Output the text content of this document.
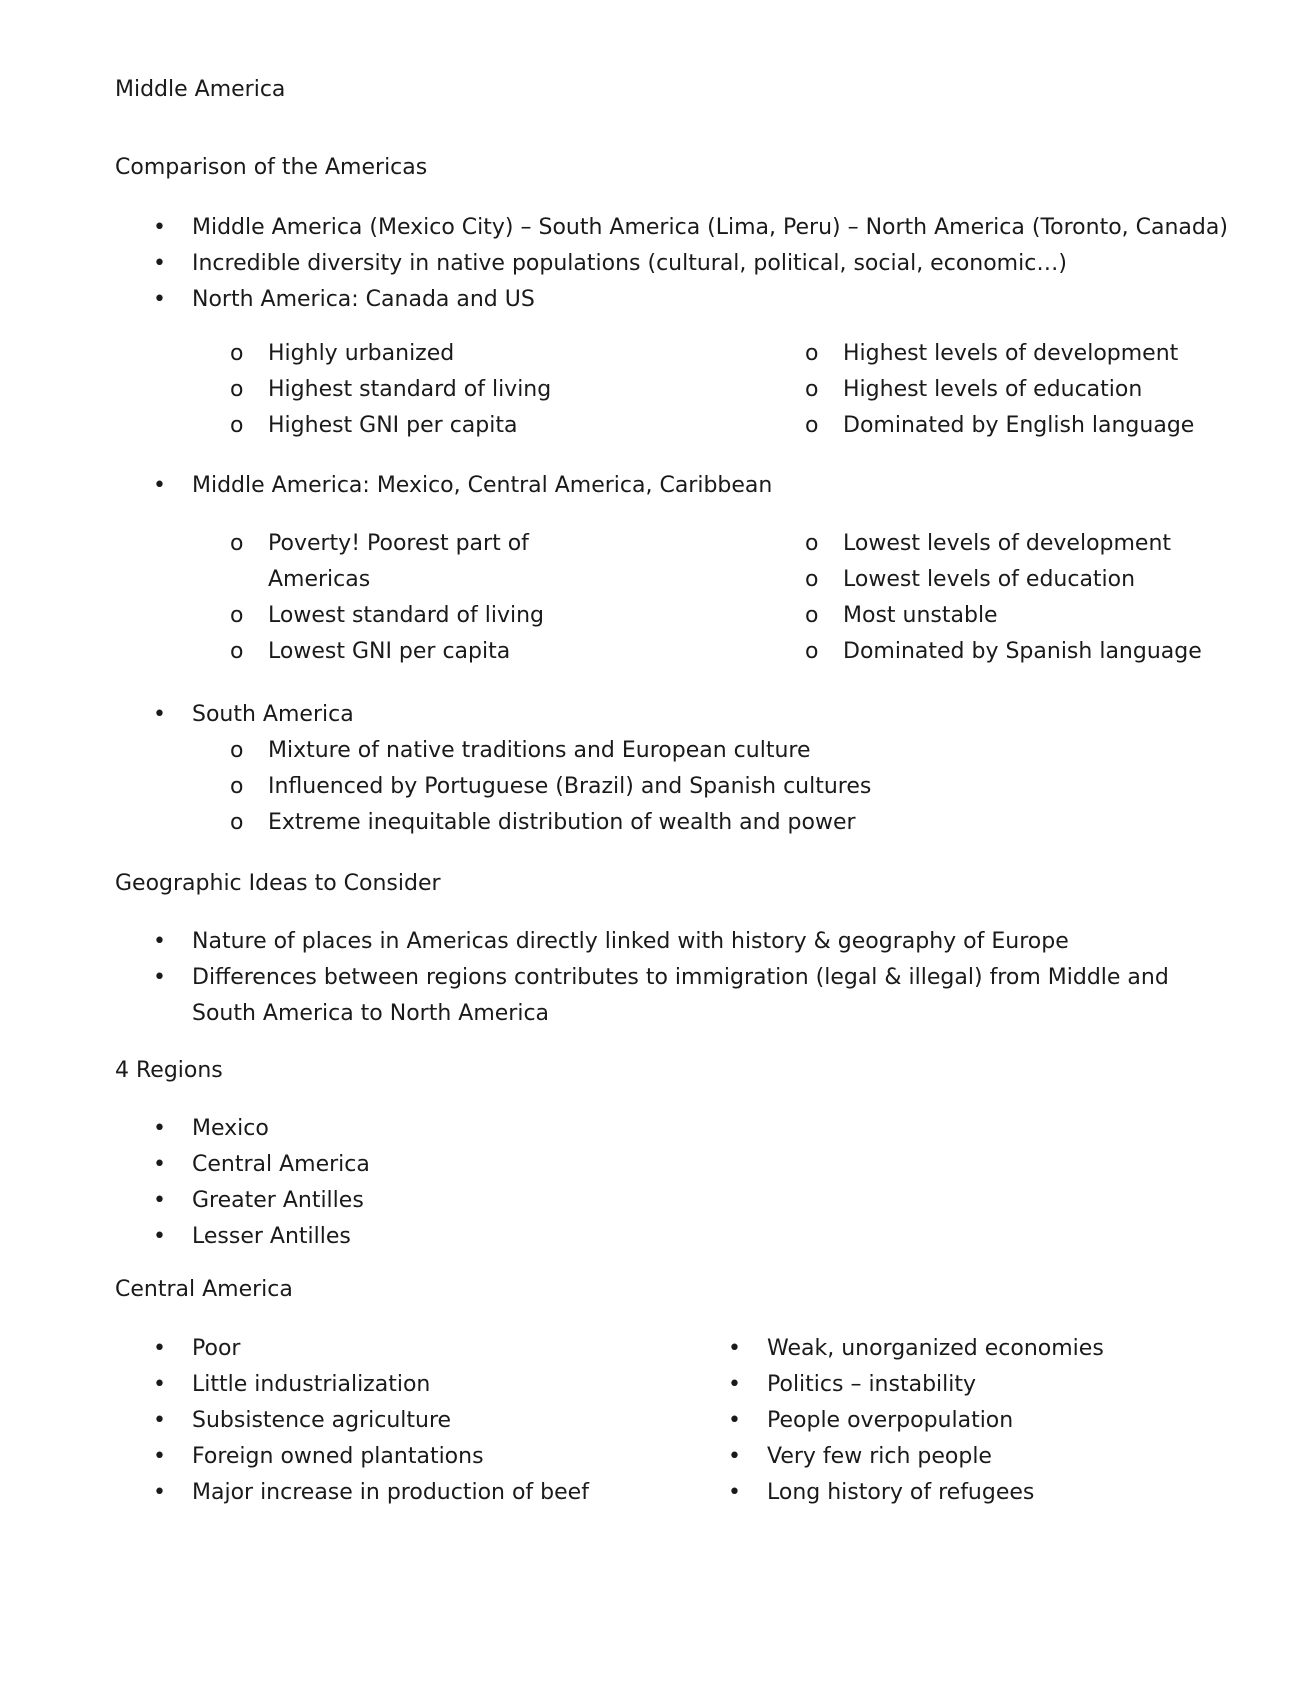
Middle America
Comparison of the Americas
• Middle America (Mexico City) – South America (Lima, Peru) – North America (Toronto, Canada)
• Incredible diversity in native populations (cultural, political, social, economic…)
• North America: Canada and US
o Highly urbanized
o Highest standard of living
o Highest GNI per capita
o Highest levels of development
o Highest levels of education
o Dominated by English language
• Middle America: Mexico, Central America, Caribbean
o Poverty! Poorest part of Americas
o Lowest standard of living
o Lowest GNI per capita
o Lowest levels of development
o Lowest levels of education
o Most unstable
o Dominated by Spanish language
• South America
o Mixture of native traditions and European culture
o Influenced by Portuguese (Brazil) and Spanish cultures
o Extreme inequitable distribution of wealth and power
Geographic Ideas to Consider
• Nature of places in Americas directly linked with history & geography of Europe
• Differences between regions contributes to immigration (legal & illegal) from Middle and South America to North America
4 Regions
• Mexico
• Central America
• Greater Antilles
• Lesser Antilles
Central America
• Poor
• Little industrialization
• Subsistence agriculture
• Foreign owned plantations
• Major increase in production of beef
• Weak, unorganized economies
• Politics – instability
• People overpopulation
• Very few rich people
• Long history of refugees
